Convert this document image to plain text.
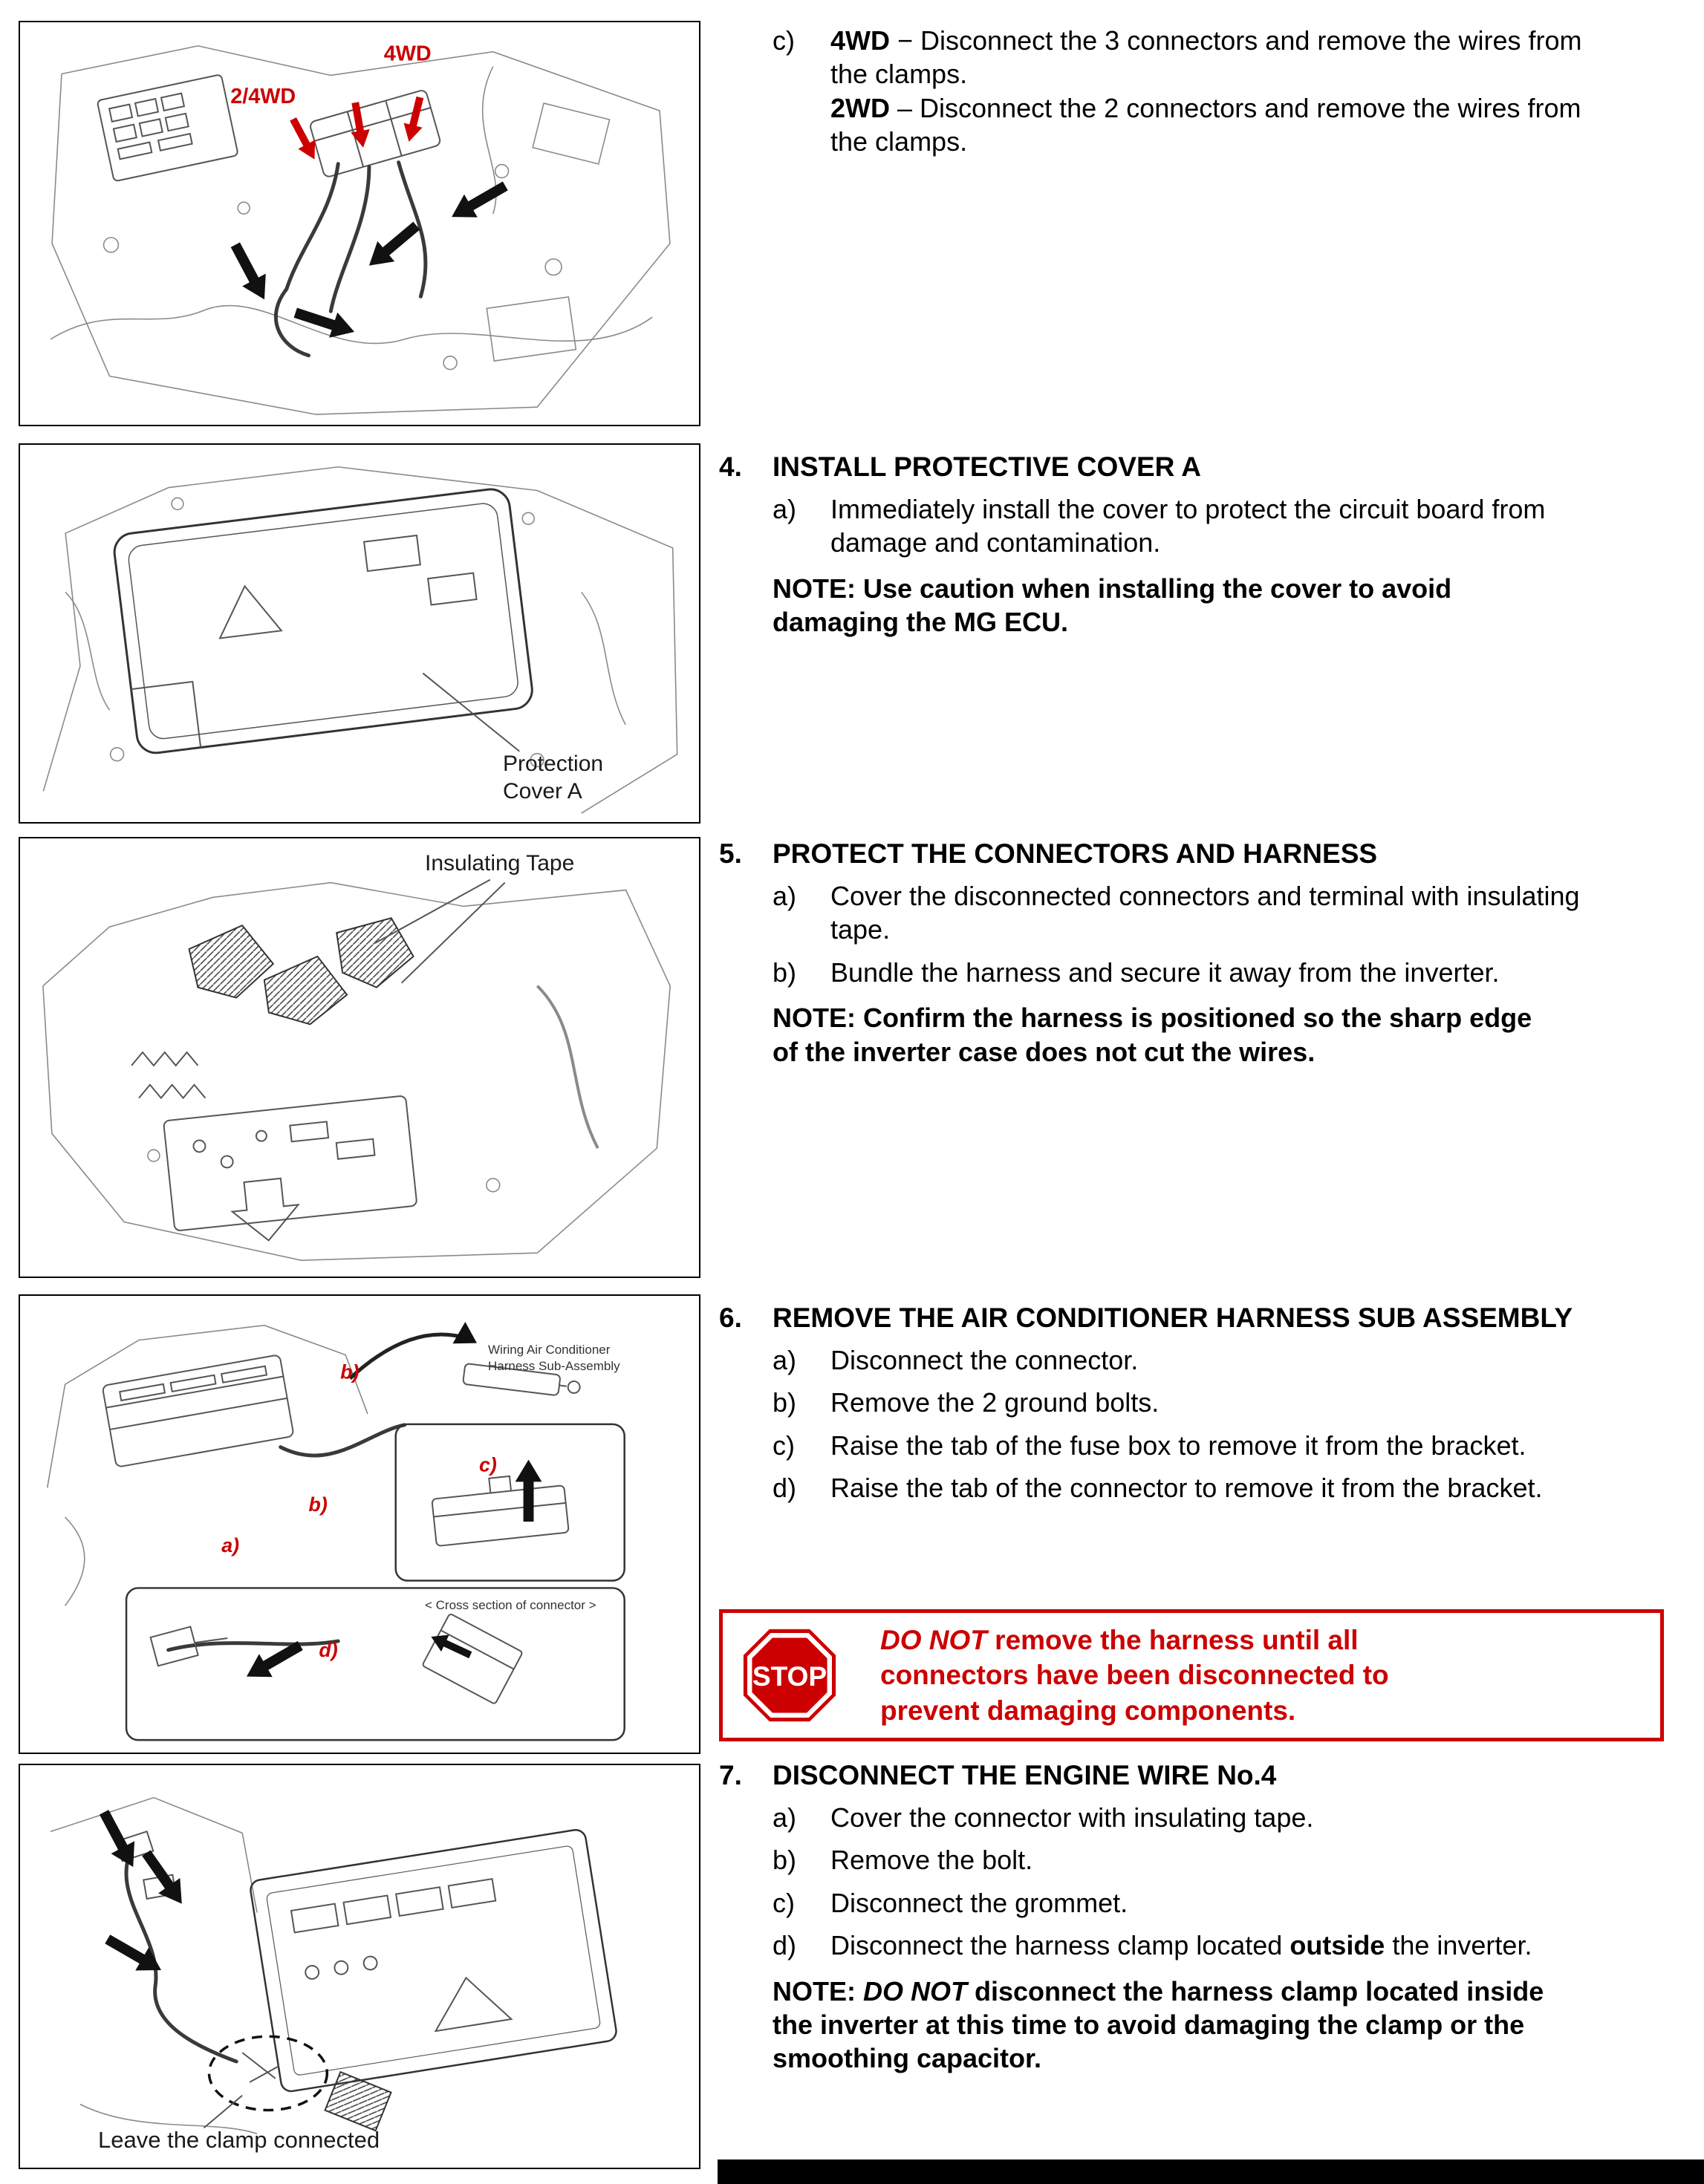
2/4WD
4WD
Protection
Cover A
Insulating Tape
b)
c)
b)
a)
d)
Wiring Air Conditioner
Harness Sub-Assembly
< Cross section of connector >
Leave the clamp connected
c)	4WD − Disconnect the 3 connectors and remove the wires from the clamps.
2WD – Disconnect the 2 connectors and remove the wires from the clamps.
4.	INSTALL PROTECTIVE COVER A
a)	Immediately install the cover to protect the circuit board from damage and contamination.
NOTE: Use caution when installing the cover to avoid damaging the MG ECU.
5.	PROTECT THE CONNECTORS AND HARNESS
a)	Cover the disconnected connectors and terminal with insulating tape.
b)	Bundle the harness and secure it away from the inverter.
NOTE: Confirm the harness is positioned so the sharp edge of the inverter case does not cut the wires.
6.	REMOVE THE AIR CONDITIONER HARNESS SUB ASSEMBLY
a)	Disconnect the connector.
b)	Remove the 2 ground bolts.
c)	Raise the tab of the fuse box to remove it from the bracket.
d)	Raise the tab of the connector to remove it from the bracket.
STOP
DO NOT remove the harness until all connectors have been disconnected to prevent damaging components.
7.	DISCONNECT THE ENGINE WIRE No.4
a)	Cover the connector with insulating tape.
b)	Remove the bolt.
c)	Disconnect the grommet.
d)	Disconnect the harness clamp located outside the inverter.
NOTE: DO NOT disconnect the harness clamp located inside the inverter at this time to avoid damaging the clamp or the smoothing capacitor.
